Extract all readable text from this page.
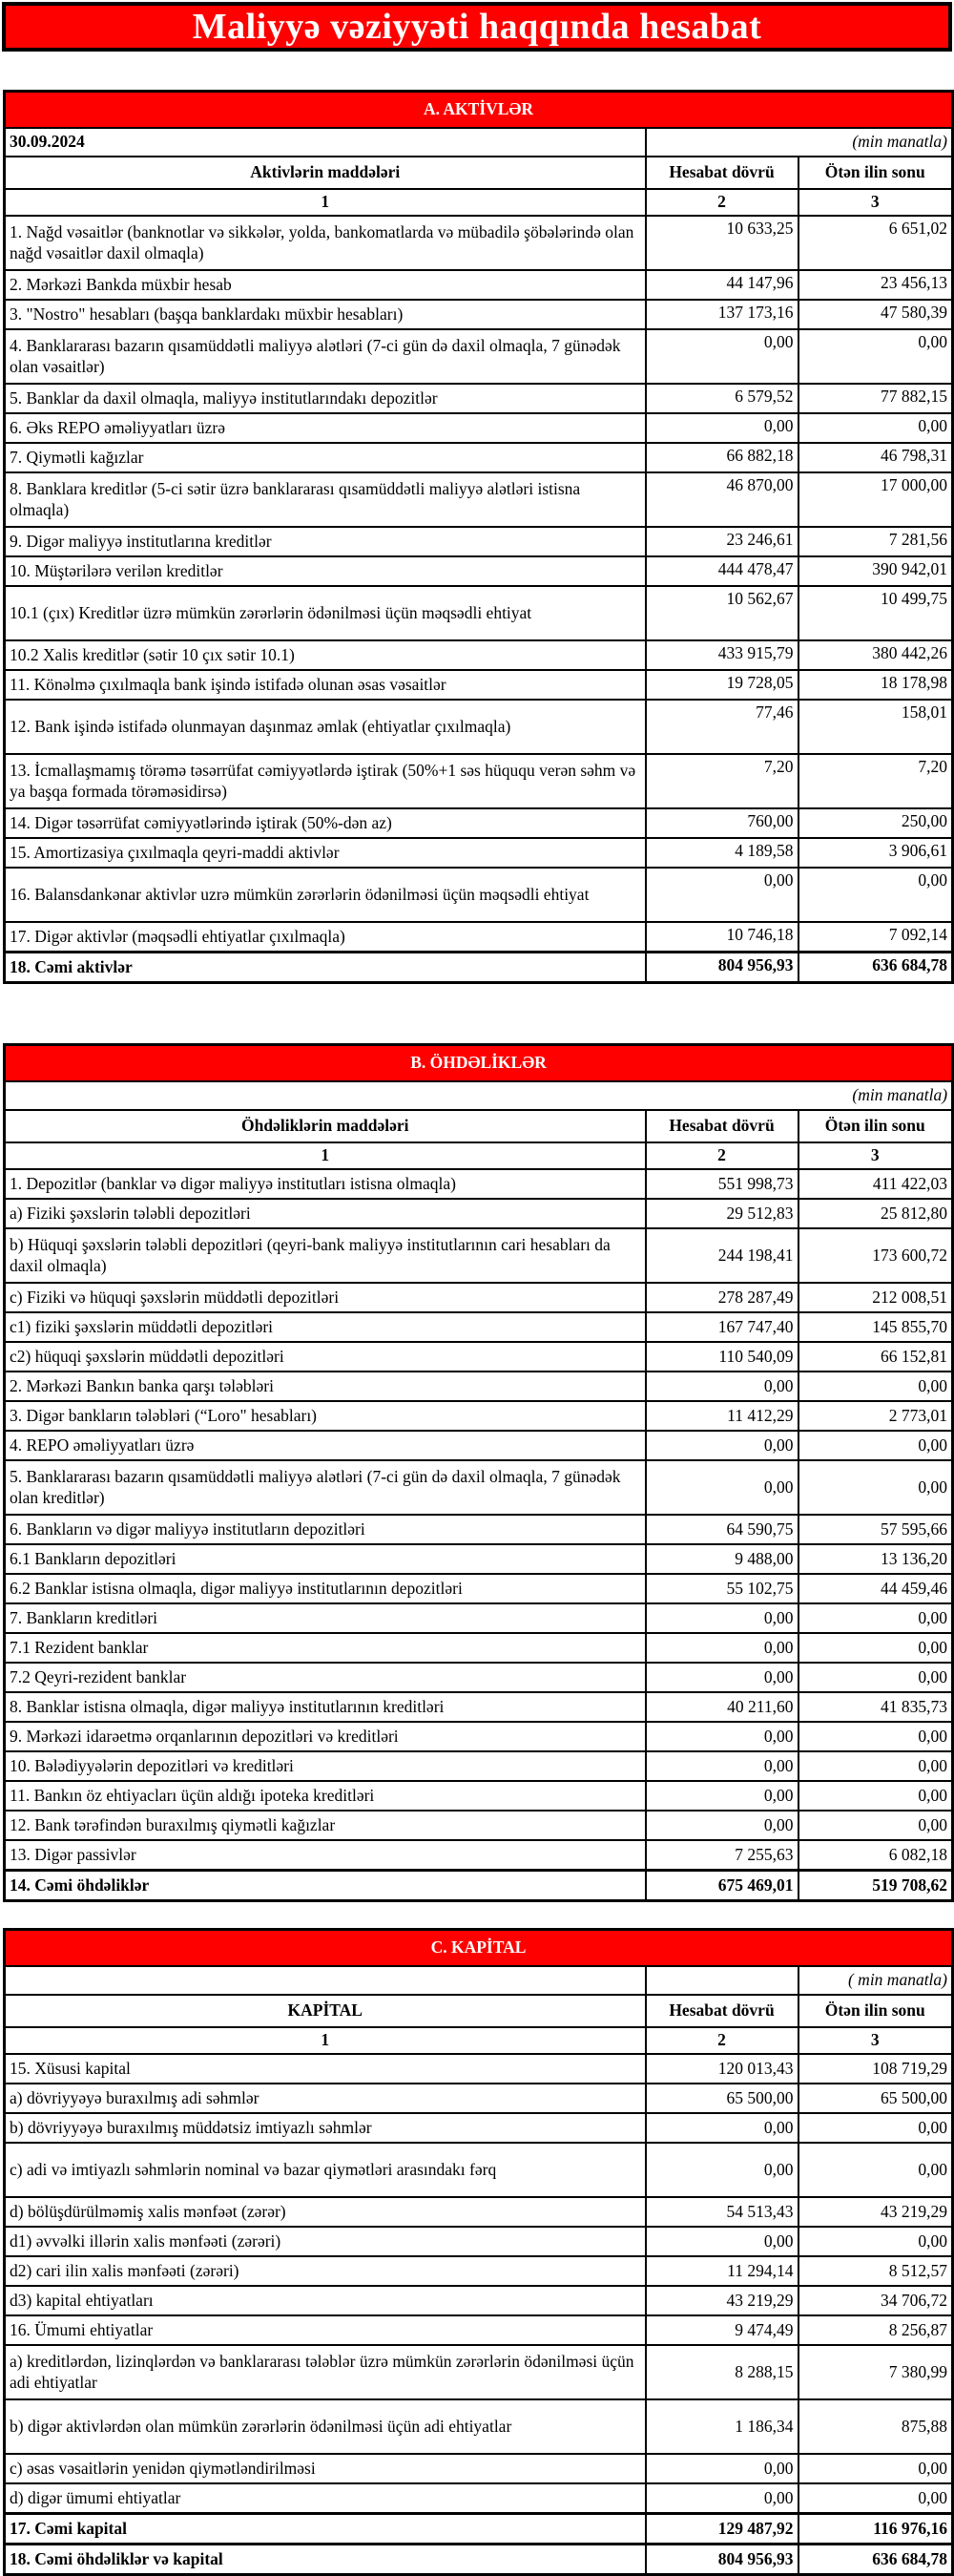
Maliyyə vəziyyəti haqqında hesabat
A. AKTİVLƏR		
30.09.2024	(min manatla)	
Aktivlərin maddələri	Hesabat dövrü	Ötən ilin sonu
1	2	3
1. Nağd vəsaitlər (banknotlar və sikkələr, yolda, bankomatlarda və mübadilə şöbələrində olan nağd vəsaitlər daxil olmaqla)	10 633,25	6 651,02
2. Mərkəzi Bankda müxbir hesab	44 147,96	23 456,13
3. "Nostro" hesabları (başqa banklardakı müxbir hesabları)	137 173,16	47 580,39
4. Banklararası bazarın qısamüddətli maliyyə alətləri (7-ci gün də daxil olmaqla, 7 günədək olan vəsaitlər)	0,00	0,00
5. Banklar da daxil olmaqla, maliyyə institutlarındakı depozitlər	6 579,52	77 882,15
6. Əks REPO əməliyyatları üzrə	0,00	0,00
7. Qiymətli kağızlar	66 882,18	46 798,31
8. Banklara kreditlər (5-ci sətir üzrə banklararası qısamüddətli maliyyə alətləri istisna olmaqla)	46 870,00	17 000,00
9. Digər maliyyə institutlarına kreditlər	23 246,61	7 281,56
10. Müştərilərə verilən kreditlər	444 478,47	390 942,01
10.1 (çıx) Kreditlər üzrə mümkün zərərlərin ödənilməsi üçün məqsədli ehtiyat	10 562,67	10 499,75
10.2 Xalis kreditlər (sətir 10 çıx sətir 10.1)	433 915,79	380 442,26
11. Könəlmə çıxılmaqla bank işində istifadə olunan əsas vəsaitlər	19 728,05	18 178,98
12. Bank işində istifadə olunmayan daşınmaz əmlak (ehtiyatlar çıxılmaqla)	77,46	158,01
13. İcmallaşmamış törəmə təsərrüfat cəmiyyətlərdə iştirak (50%+1 səs hüququ verən səhm və ya başqa formada törəməsidirsə)	7,20	7,20
14. Digər təsərrüfat cəmiyyətlərində iştirak (50%-dən az)	760,00	250,00
15. Amortizasiya çıxılmaqla qeyri-maddi aktivlər	4 189,58	3 906,61
16. Balansdankənar aktivlər uzrə mümkün zərərlərin ödənilməsi üçün məqsədli ehtiyat	0,00	0,00
17. Digər aktivlər (məqsədli ehtiyatlar çıxılmaqla)	10 746,18	7 092,14
18. Cəmi aktivlər	804 956,93	636 684,78
B. ÖHDƏLİKLƏR		
(min manatla)		
Öhdəliklərin maddələri	Hesabat dövrü	Ötən ilin sonu
1	2	3
1. Depozitlər (banklar və digər maliyyə institutları istisna olmaqla)	551 998,73	411 422,03
a) Fiziki şəxslərin tələbli depozitləri	29 512,83	25 812,80
b) Hüquqi şəxslərin tələbli depozitləri (qeyri-bank maliyyə institutlarının cari hesabları da daxil olmaqla)	244 198,41	173 600,72
c) Fiziki və hüquqi şəxslərin müddətli depozitləri	278 287,49	212 008,51
c1) fiziki şəxslərin müddətli depozitləri	167 747,40	145 855,70
c2) hüquqi şəxslərin müddətli depozitləri	110 540,09	66 152,81
2. Mərkəzi Bankın banka qarşı tələbləri	0,00	0,00
3. Digər bankların tələbləri (“Loro" hesabları)	11 412,29	2 773,01
4. REPO əməliyyatları üzrə	0,00	0,00
5. Banklararası bazarın qısamüddətli maliyyə alətləri (7-ci gün də daxil olmaqla, 7 günədək olan kreditlər)	0,00	0,00
6. Bankların və digər maliyyə institutların depozitləri	64 590,75	57 595,66
6.1 Bankların depozitləri	9 488,00	13 136,20
6.2 Banklar istisna olmaqla, digər maliyyə institutlarının depozitləri	55 102,75	44 459,46
7. Bankların kreditləri	0,00	0,00
7.1 Rezident banklar	0,00	0,00
7.2 Qeyri-rezident banklar	0,00	0,00
8. Banklar istisna olmaqla, digər maliyyə institutlarının kreditləri	40 211,60	41 835,73
9. Mərkəzi idarəetmə orqanlarının depozitləri və kreditləri	0,00	0,00
10. Bələdiyyələrin depozitləri və kreditləri	0,00	0,00
11. Bankın öz ehtiyacları üçün aldığı ipoteka kreditləri	0,00	0,00
12. Bank tərəfindən buraxılmış qiymətli kağızlar	0,00	0,00
13. Digər passivlər	7 255,63	6 082,18
14. Cəmi öhdəliklər	675 469,01	519 708,62
C. KAPİTAL		
		( min manatla)
KAPİTAL	Hesabat dövrü	Ötən ilin sonu
1	2	3
15. Xüsusi kapital	120 013,43	108 719,29
a) dövriyyəyə buraxılmış adi səhmlər	65 500,00	65 500,00
b) dövriyyəyə buraxılmış müddətsiz imtiyazlı səhmlər	0,00	0,00
c) adi və imtiyazlı səhmlərin nominal və bazar qiymətləri arasındakı fərq	0,00	0,00
d) bölüşdürülməmiş xalis mənfəət (zərər)	54 513,43	43 219,29
d1) əvvəlki illərin xalis mənfəəti (zərəri)	0,00	0,00
d2) cari ilin xalis mənfəəti (zərəri)	11 294,14	8 512,57
d3) kapital ehtiyatları	43 219,29	34 706,72
16. Ümumi ehtiyatlar	9 474,49	8 256,87
a) kreditlərdən, lizinqlərdən və banklararası tələblər üzrə mümkün zərərlərin ödənilməsi üçün adi ehtiyatlar	8 288,15	7 380,99
b) digər aktivlərdən olan mümkün zərərlərin ödənilməsi üçün adi ehtiyatlar	1 186,34	875,88
c) əsas vəsaitlərin yenidən qiymətləndirilməsi	0,00	0,00
d) digər ümumi ehtiyatlar	0,00	0,00
17. Cəmi kapital	129 487,92	116 976,16
18. Cəmi öhdəliklər və kapital	804 956,93	636 684,78
